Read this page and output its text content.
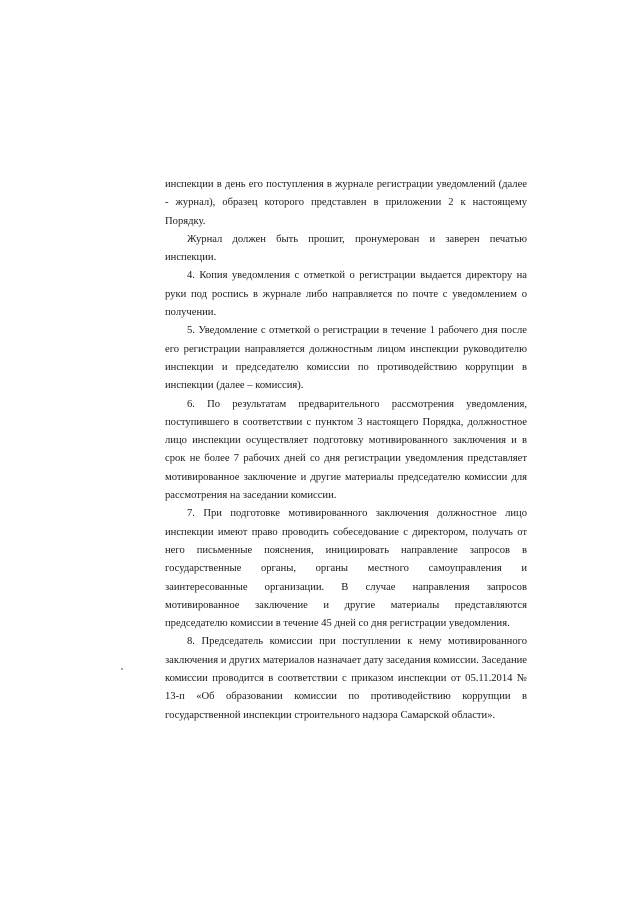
инспекции в день его поступления в журнале регистрации уведомлений (далее - журнал), образец которого представлен в приложении 2 к настоящему Порядку.

Журнал должен быть прошит, пронумерован и заверен печатью инспекции.

4. Копия уведомления с отметкой о регистрации выдается директору на руки под роспись в журнале либо направляется по почте с уведомлением о получении.

5. Уведомление с отметкой о регистрации в течение 1 рабочего дня после его регистрации направляется должностным лицом инспекции руководителю инспекции и председателю комиссии по противодействию коррупции в инспекции (далее – комиссия).

6. По результатам предварительного рассмотрения уведомления, поступившего в соответствии с пунктом 3 настоящего Порядка, должностное лицо инспекции осуществляет подготовку мотивированного заключения и в срок не более 7 рабочих дней со дня регистрации уведомления представляет мотивированное заключение и другие материалы председателю комиссии для рассмотрения на заседании комиссии.

7. При подготовке мотивированного заключения должностное лицо инспекции имеют право проводить собеседование с директором, получать от него письменные пояснения, инициировать направление запросов в государственные органы, органы местного самоуправления и заинтересованные организации. В случае направления запросов мотивированное заключение и другие материалы представляются председателю комиссии в течение 45 дней со дня регистрации уведомления.

8. Председатель комиссии при поступлении к нему мотивированного заключения и других материалов назначает дату заседания комиссии. Заседание комиссии проводится в соответствии с приказом инспекции от 05.11.2014 № 13-п «Об образовании комиссии по противодействию коррупции в государственной инспекции строительного надзора Самарской области».
